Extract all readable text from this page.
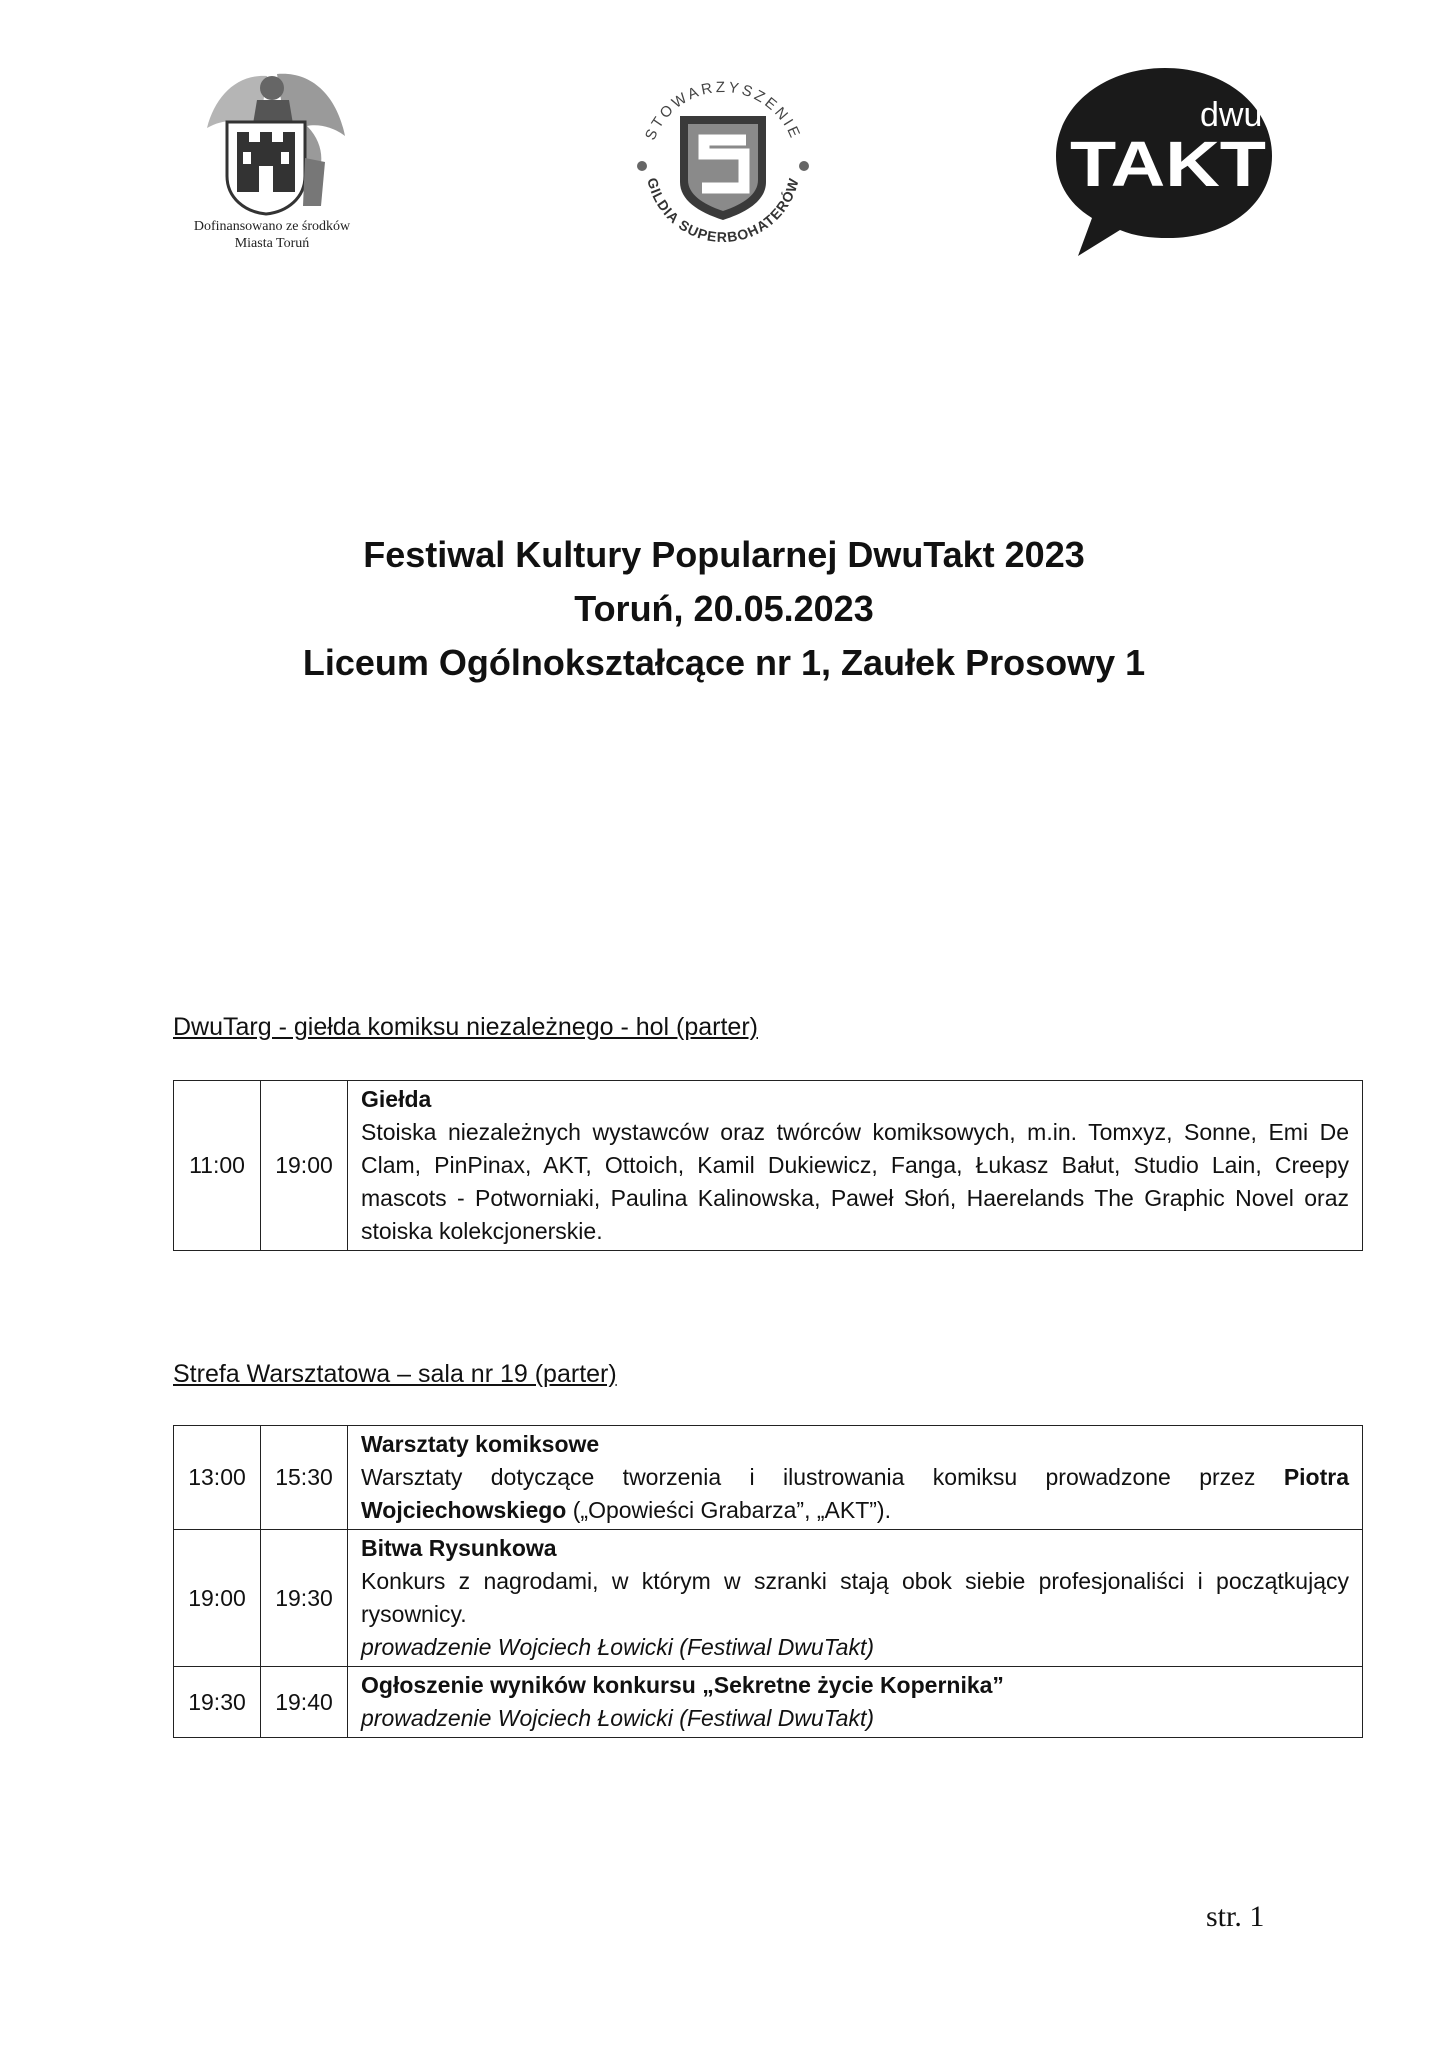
Dofinansowano ze środków
Miasta Toruń
STOWARZYSZENIE
GILDIA SUPERBOHATERÓW
dwu
TAKT
Festiwal Kultury Popularnej DwuTakt 2023
Toruń, 20.05.2023
Liceum Ogólnokształcące nr 1, Zaułek Prosowy 1
DwuTarg - giełda komiksu niezależnego - hol (parter)
11:00	19:00	
Giełda
Stoiska niezależnych wystawców oraz twórców komiksowych, m.in. Tomxyz, Sonne, Emi De Clam, PinPinax, AKT, Ottoich, Kamil Dukiewicz, Fanga, Łukasz Bałut, Studio Lain, Creepy mascots - Potworniaki, Paulina Kalinowska, Paweł Słoń, Haerelands The Graphic Novel oraz stoiska kolekcjonerskie.
Strefa Warsztatowa – sala nr 19 (parter)
13:00	15:30	Warsztaty komiksowe
Warsztaty dotyczące tworzenia i ilustrowania komiksu prowadzone przez Piotra Wojciechowskiego („Opowieści Grabarza”, „AKT”).
19:00	19:30	Bitwa Rysunkowa
Konkurs z nagrodami, w którym w szranki stają obok siebie profesjonaliści i początkujący rysownicy.
prowadzenie Wojciech Łowicki (Festiwal DwuTakt)

19:30	19:40	Ogłoszenie wyników konkursu „Sekretne życie Kopernika”
prowadzenie Wojciech Łowicki (Festiwal DwuTakt)
str. 1
